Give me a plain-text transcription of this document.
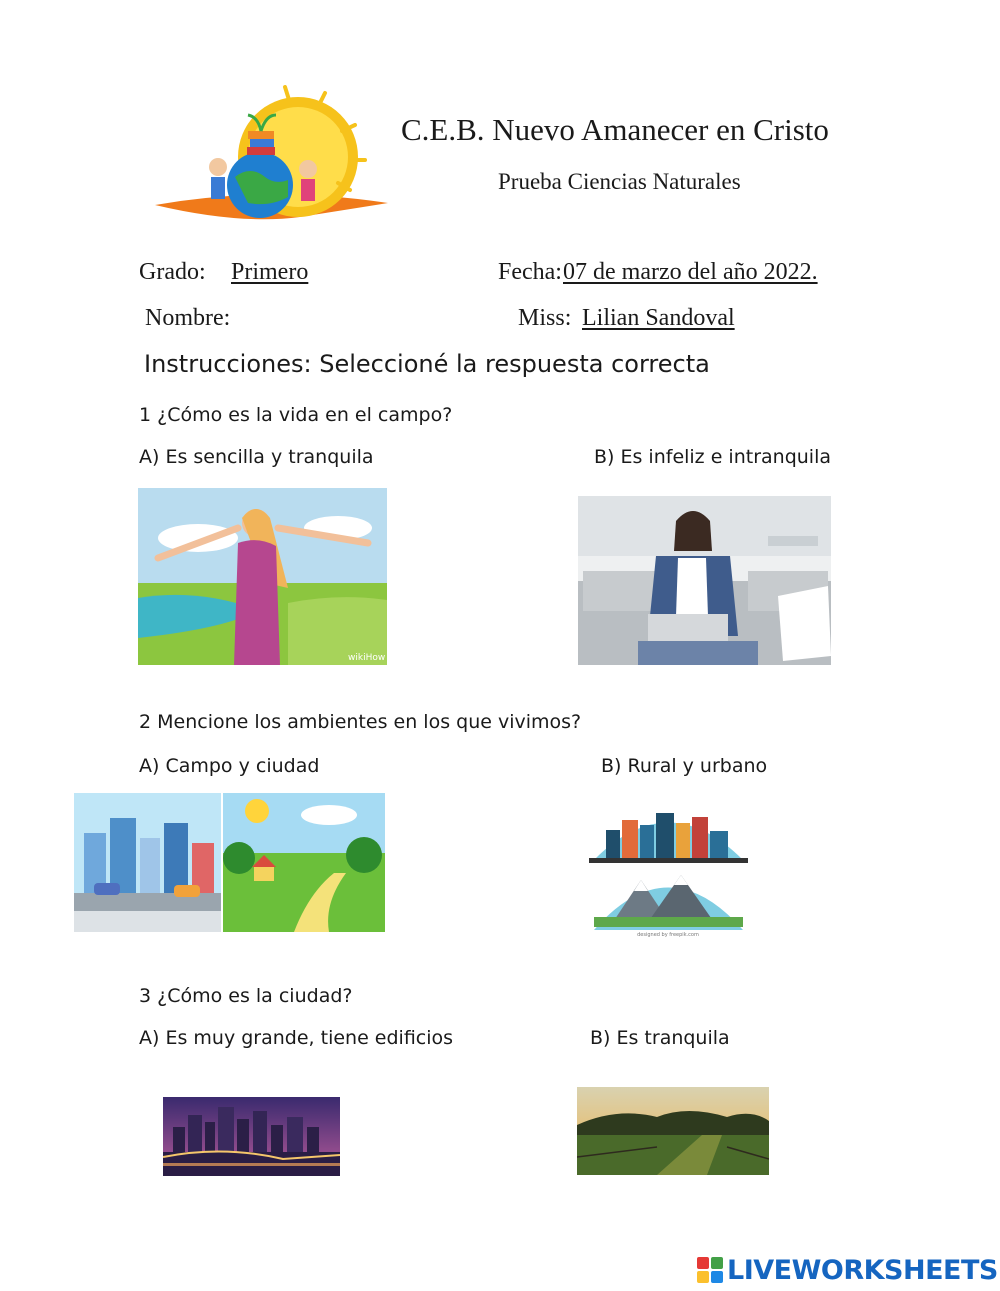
C.E.B. Nuevo Amanecer en Cristo
Prueba Ciencias Naturales
Grado: Primero	Fecha: 07 de marzo del año 2022.
Nombre:	Miss: Lilian Sandoval
Instrucciones: Seleccioné la respuesta correcta
1 ¿Cómo es la vida en el campo?
A) Es sencilla y tranquila	B) Es infeliz e intranquila
wikiHow
2 Mencione los ambientes en los que vivimos?
A) Campo y ciudad	B) Rural y urbano
designed by freepik.com
3 ¿Cómo es la ciudad?
A) Es muy grande, tiene edificios	B) Es tranquila
LIVEWORKSHEETS
